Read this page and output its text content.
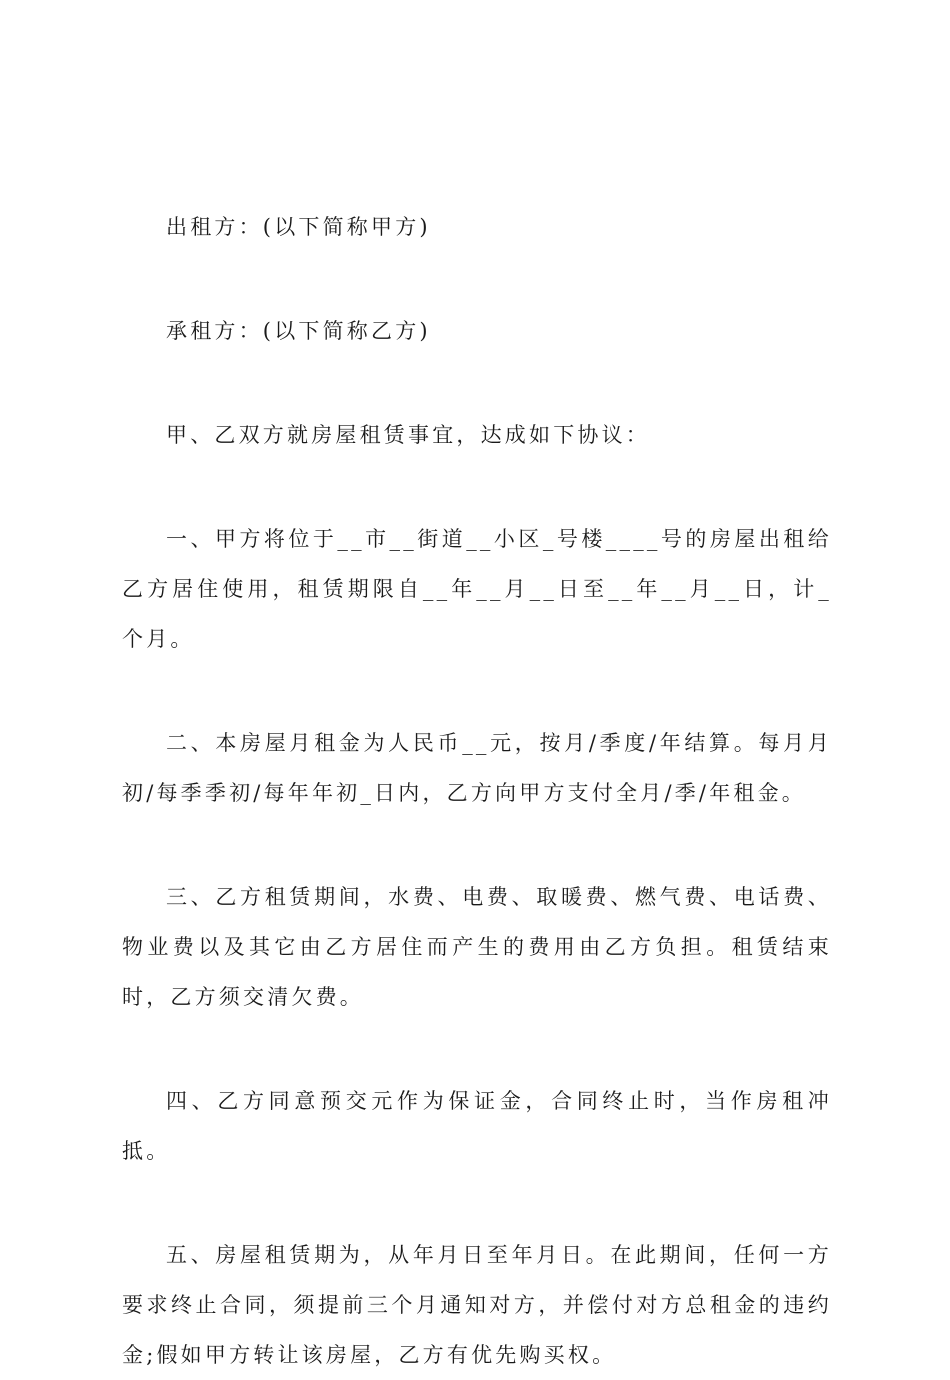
出租方：(以下简称甲方)

承租方：(以下简称乙方)

甲、乙双方就房屋租赁事宜，达成如下协议：

一、甲方将位于__市__街道__小区_号楼____号的房屋出租给乙方居住使用，租赁期限自__年__月__日至__年__月__日，计_个月。

二、本房屋月租金为人民币__元，按月/季度/年结算。每月月初/每季季初/每年年初_日内，乙方向甲方支付全月/季/年租金。

三、乙方租赁期间，水费、电费、取暖费、燃气费、电话费、物业费以及其它由乙方居住而产生的费用由乙方负担。租赁结束时，乙方须交清欠费。

四、乙方同意预交元作为保证金，合同终止时，当作房租冲抵。

五、房屋租赁期为，从年月日至年月日。在此期间，任何一方要求终止合同，须提前三个月通知对方，并偿付对方总租金的违约金;假如甲方转让该房屋，乙方有优先购买权。
